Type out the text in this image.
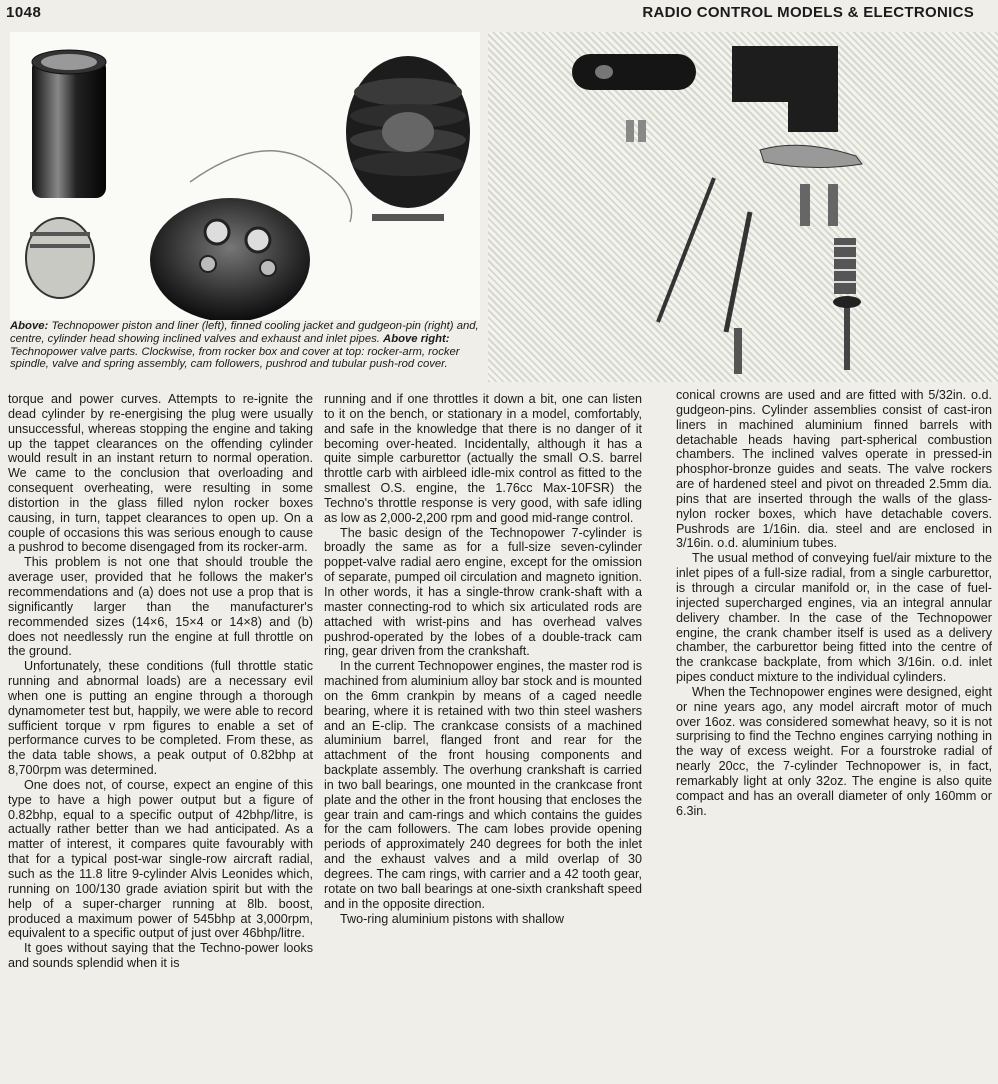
1048	RADIO CONTROL MODELS & ELECTRONICS
Above: Technopower piston and liner (left), finned cooling jacket and gudgeon-pin (right) and, centre, cylinder head showing inclined valves and exhaust and inlet pipes. Above right: Technopower valve parts. Clockwise, from rocker box and cover at top: rocker-arm, rocker spindle, valve and spring assembly, cam followers, pushrod and tubular push-rod cover.

torque and power curves. Attempts to re-ignite the dead cylinder by re-energising the plug were usually unsuccessful, whereas stopping the engine and taking up the tappet clearances on the offending cylinder would result in an instant return to normal operation. We came to the conclusion that overloading and consequent overheating, were resulting in some distortion in the glass filled nylon rocker boxes causing, in turn, tappet clearances to open up. On a couple of occasions this was serious enough to cause a pushrod to become disengaged from its rocker-arm.

This problem is not one that should trouble the average user, provided that he follows the maker's recommendations and (a) does not use a prop that is significantly larger than the manufacturer's recommended sizes (14×6, 15×4 or 14×8) and (b) does not needlessly run the engine at full throttle on the ground.

Unfortunately, these conditions (full throttle static running and abnormal loads) are a necessary evil when one is putting an engine through a thorough dynamometer test but, happily, we were able to record sufficient torque v rpm figures to enable a set of performance curves to be completed. From these, as the data table shows, a peak output of 0.82bhp at 8,700rpm was determined.

One does not, of course, expect an engine of this type to have a high power output but a figure of 0.82bhp, equal to a specific output of 42bhp/litre, is actually rather better than we had anticipated. As a matter of interest, it compares quite favourably with that for a typical post-war single-row aircraft radial, such as the 11.8 litre 9-cylinder Alvis Leonides which, running on 100/130 grade aviation spirit but with the help of a super-charger running at 8lb. boost, produced a maximum power of 545bhp at 3,000rpm, equivalent to a specific output of just over 46bhp/litre.

It goes without saying that the Techno-power looks and sounds splendid when it is

running and if one throttles it down a bit, one can listen to it on the bench, or stationary in a model, comfortably, and safe in the knowledge that there is no danger of it becoming over-heated. Incidentally, although it has a quite simple carburettor (actually the small O.S. barrel throttle carb with airbleed idle-mix control as fitted to the smallest O.S. engine, the 1.76cc Max-10FSR) the Techno's throttle response is very good, with safe idling as low as 2,000-2,200 rpm and good mid-range control.

The basic design of the Technopower 7-cylinder is broadly the same as for a full-size seven-cylinder poppet-valve radial aero engine, except for the omission of separate, pumped oil circulation and magneto ignition. In other words, it has a single-throw crank-shaft with a master connecting-rod to which six articulated rods are attached with wrist-pins and has overhead valves pushrod-operated by the lobes of a double-track cam ring, gear driven from the crankshaft.

In the current Technopower engines, the master rod is machined from aluminium alloy bar stock and is mounted on the 6mm crankpin by means of a caged needle bearing, where it is retained with two thin steel washers and an E-clip. The crankcase consists of a machined aluminium barrel, flanged front and rear for the attachment of the front housing components and backplate assembly. The overhung crankshaft is carried in two ball bearings, one mounted in the crankcase front plate and the other in the front housing that encloses the gear train and cam-rings and which contains the guides for the cam followers. The cam lobes provide opening periods of approximately 240 degrees for both the inlet and the exhaust valves and a mild overlap of 30 degrees. The cam rings, with carrier and a 42 tooth gear, rotate on two ball bearings at one-sixth crankshaft speed and in the opposite direction.

Two-ring aluminium pistons with shallow

conical crowns are used and are fitted with 5/32in. o.d. gudgeon-pins. Cylinder assemblies consist of cast-iron liners in machined aluminium finned barrels with detachable heads having part-spherical combustion chambers. The inclined valves operate in pressed-in phosphor-bronze guides and seats. The valve rockers are of hardened steel and pivot on threaded 2.5mm dia. pins that are inserted through the walls of the glass-nylon rocker boxes, which have detachable covers. Pushrods are 1/16in. dia. steel and are enclosed in 3/16in. o.d. aluminium tubes.

The usual method of conveying fuel/air mixture to the inlet pipes of a full-size radial, from a single carburettor, is through a circular manifold or, in the case of fuel-injected supercharged engines, via an integral annular delivery chamber. In the case of the Technopower engine, the crank chamber itself is used as a delivery chamber, the carburettor being fitted into the centre of the crankcase backplate, from which 3/16in. o.d. inlet pipes conduct mixture to the individual cylinders.

When the Technopower engines were designed, eight or nine years ago, any model aircraft motor of much over 16oz. was considered somewhat heavy, so it is not surprising to find the Techno engines carrying nothing in the way of excess weight. For a fourstroke radial of nearly 20cc, the 7-cylinder Technopower is, in fact, remarkably light at only 32oz. The engine is also quite compact and has an overall diameter of only 160mm or 6.3in.
